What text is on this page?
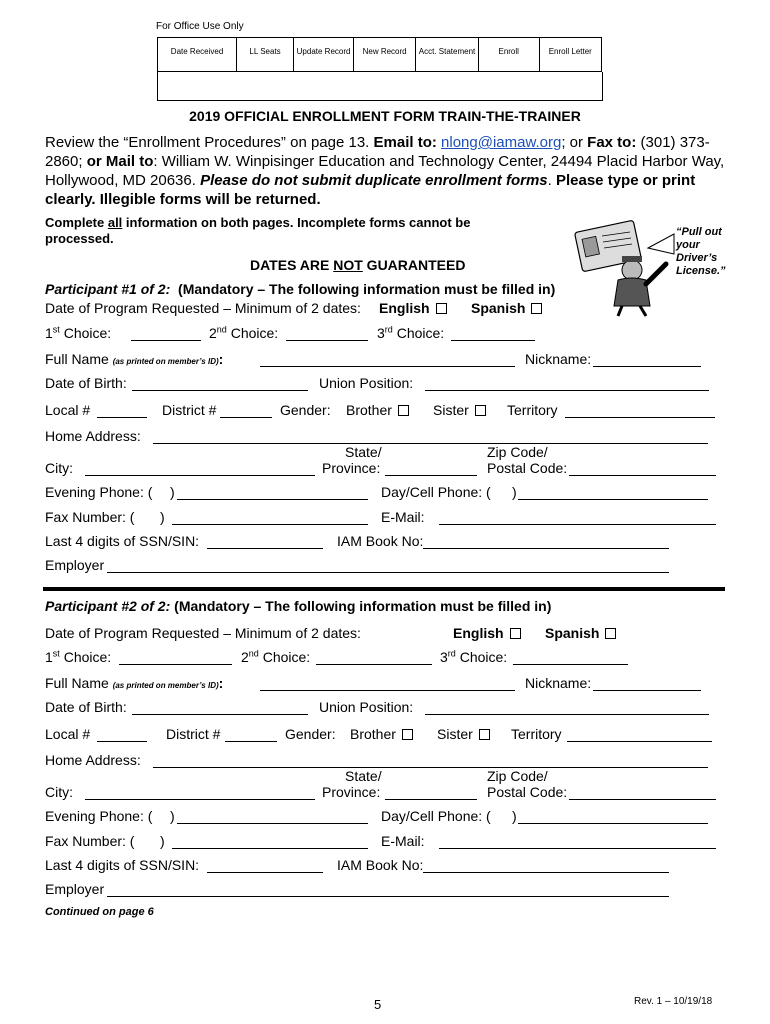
For Office Use Only
Date Received	LL Seats	Update Record	New Record	Acct. Statement	Enroll	Enroll Letter
2019 OFFICIAL ENROLLMENT FORM TRAIN-THE-TRAINER
Review the “Enrollment Procedures” on page 13. Email to: nlong@iamaw.org; or Fax to: (301) 373-2860; or Mail to: William W. Winpisinger Education and Technology Center, 24494 Placid Harbor Way, Hollywood, MD 20636. Please do not submit duplicate enrollment forms. Please type or print clearly. Illegible forms will be returned.
Complete all information on both pages. Incomplete forms cannot be processed.
DATES ARE NOT GUARANTEED
“Pull out your Driver’s License.”
Participant #1 of 2: (Mandatory – The following information must be filled in)
Date of Program Requested – Minimum of 2 dates: English	Spanish
1st Choice:	2nd Choice:	3rd Choice:
Full Name (as printed on member’s ID):	Nickname:
Date of Birth:	Union Position:
Local #	District #	Gender: Brother	Sister	Territory
Home Address:
State/	Zip Code/
City:	Province:	Postal Code:
Evening Phone: ( )	Day/Cell Phone: ( )
Fax Number: ( )	E-Mail:
Last 4 digits of SSN/SIN:	IAM Book No:
Employer
Participant #2 of 2: (Mandatory – The following information must be filled in)
Date of Program Requested – Minimum of 2 dates:	English	Spanish
1st Choice:	2nd Choice:	3rd Choice:
Full Name (as printed on member’s ID):	Nickname:
Date of Birth:	Union Position:
Local #	District #	Gender: Brother	Sister	Territory
Home Address:
State/	Zip Code/
City:	Province:	Postal Code:
Evening Phone: ( )	Day/Cell Phone: ( )
Fax Number: ( )	E-Mail:
Last 4 digits of SSN/SIN:	IAM Book No:
Employer
Continued on page 6
5	Rev. 1 – 10/19/18
